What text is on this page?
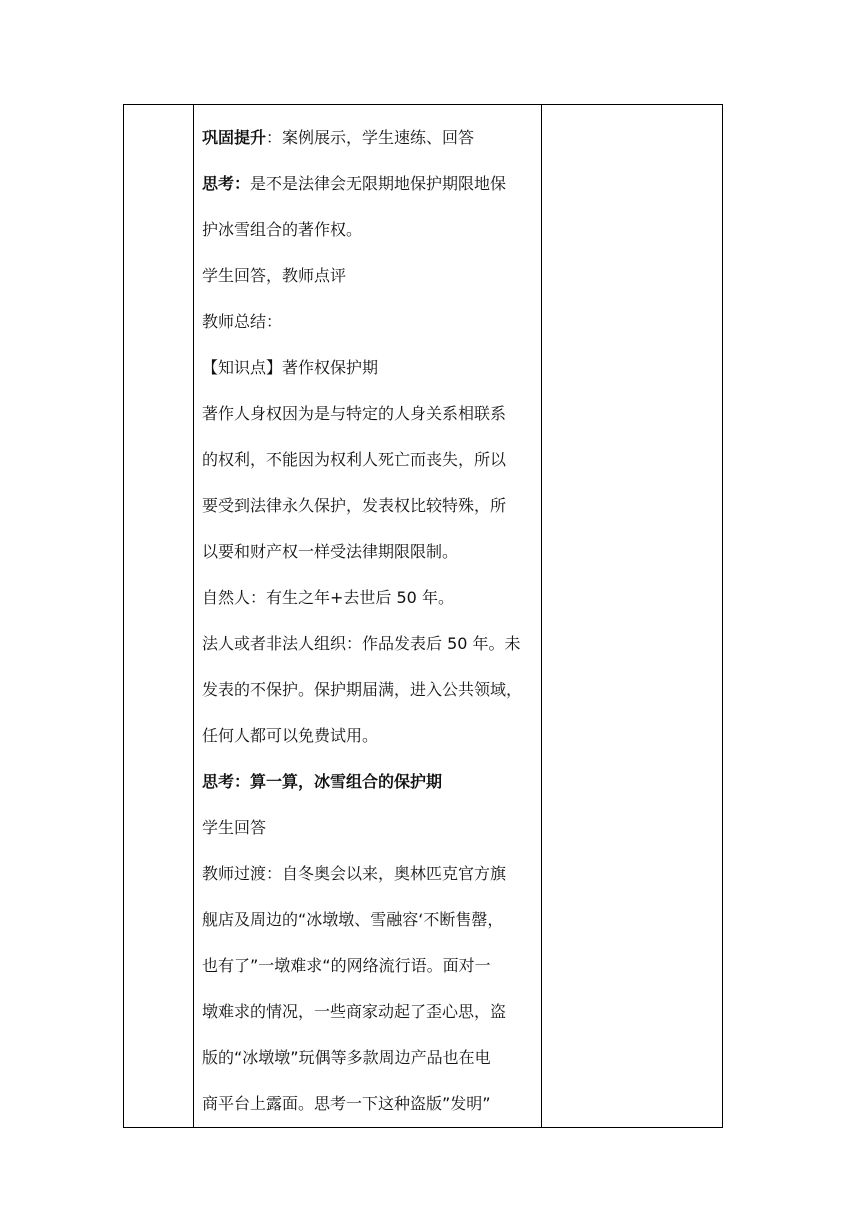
巩固提升：案例展示，学生速练、回答
思考：是不是法律会无限期地保护期限地保
护冰雪组合的著作权。
学生回答，教师点评
教师总结：
【知识点】著作权保护期
著作人身权因为是与特定的人身关系相联系
的权利，不能因为权利人死亡而丧失，所以
要受到法律永久保护，发表权比较特殊，所
以要和财产权一样受法律期限限制。
自然人：有生之年+去世后 50 年。
法人或者非法人组织：作品发表后 50 年。未
发表的不保护。保护期届满，进入公共领域，
任何人都可以免费试用。
思考：算一算，冰雪组合的保护期
学生回答
教师过渡：自冬奥会以来，奥林匹克官方旗
舰店及周边的“冰墩墩、雪融容‘不断售罄，
也有了”一墩难求“的网络流行语。面对一
墩难求的情况，一些商家动起了歪心思，盗
版的“冰墩墩”玩偶等多款周边产品也在电
商平台上露面。思考一下这种盗版”发明”
